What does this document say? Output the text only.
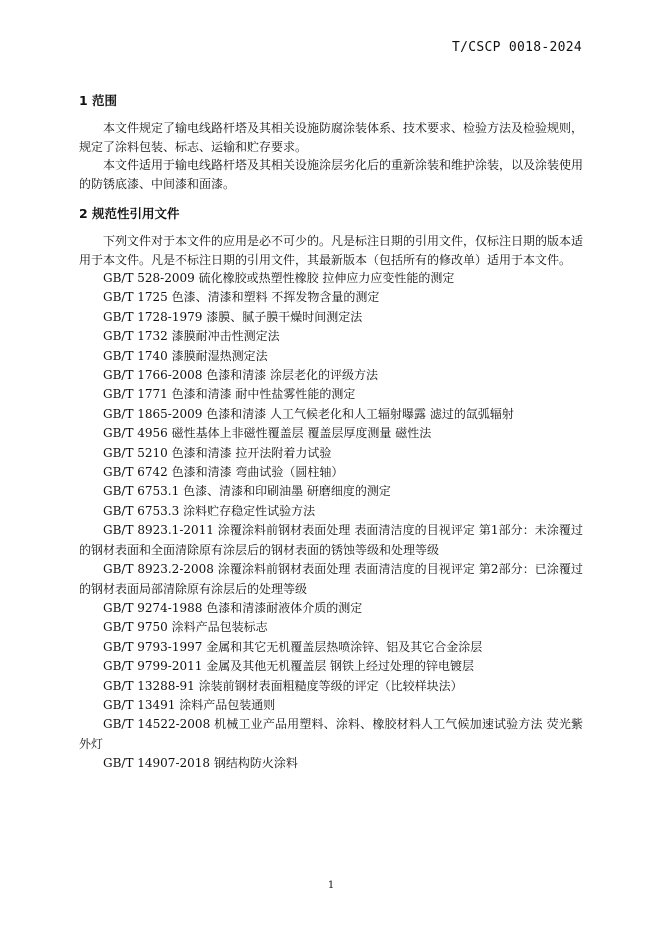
T/CSCP 0018-2024
1 范围

本文件规定了输电线路杆塔及其相关设施防腐涂装体系、技术要求、检验方法及检验规则，规定了涂料包装、标志、运输和贮存要求。

本文件适用于输电线路杆塔及其相关设施涂层劣化后的重新涂装和维护涂装，以及涂装使用的防锈底漆、中间漆和面漆。

2 规范性引用文件

下列文件对于本文件的应用是必不可少的。凡是标注日期的引用文件，仅标注日期的版本适用于本文件。凡是不标注日期的引用文件，其最新版本（包括所有的修改单）适用于本文件。

GB/T 528-2009 硫化橡胶或热塑性橡胶 拉伸应力应变性能的测定
GB/T 1725 色漆、清漆和塑料 不挥发物含量的测定
GB/T 1728-1979 漆膜、腻子膜干燥时间测定法
GB/T 1732 漆膜耐冲击性测定法
GB/T 1740 漆膜耐湿热测定法
GB/T 1766-2008 色漆和清漆 涂层老化的评级方法
GB/T 1771 色漆和清漆 耐中性盐雾性能的测定
GB/T 1865-2009 色漆和清漆 人工气候老化和人工辐射曝露 滤过的氙弧辐射
GB/T 4956 磁性基体上非磁性覆盖层 覆盖层厚度测量 磁性法
GB/T 5210 色漆和清漆 拉开法附着力试验
GB/T 6742 色漆和清漆 弯曲试验（圆柱轴）
GB/T 6753.1 色漆、清漆和印刷油墨 研磨细度的测定
GB/T 6753.3 涂料贮存稳定性试验方法
GB/T 8923.1-2011 涂覆涂料前钢材表面处理 表面清洁度的目视评定 第1部分：未涂覆过的钢材表面和全面清除原有涂层后的钢材表面的锈蚀等级和处理等级
GB/T 8923.2-2008 涂覆涂料前钢材表面处理 表面清洁度的目视评定 第2部分：已涂覆过的钢材表面局部清除原有涂层后的处理等级
GB/T 9274-1988 色漆和清漆耐液体介质的测定
GB/T 9750 涂料产品包装标志
GB/T 9793-1997 金属和其它无机覆盖层热喷涂锌、铝及其它合金涂层
GB/T 9799-2011 金属及其他无机覆盖层 钢铁上经过处理的锌电镀层
GB/T 13288-91 涂装前钢材表面粗糙度等级的评定（比较样块法）
GB/T 13491 涂料产品包装通则
GB/T 14522-2008 机械工业产品用塑料、涂料、橡胶材料人工气候加速试验方法 荧光紫外灯
GB/T 14907-2018 钢结构防火涂料
1
